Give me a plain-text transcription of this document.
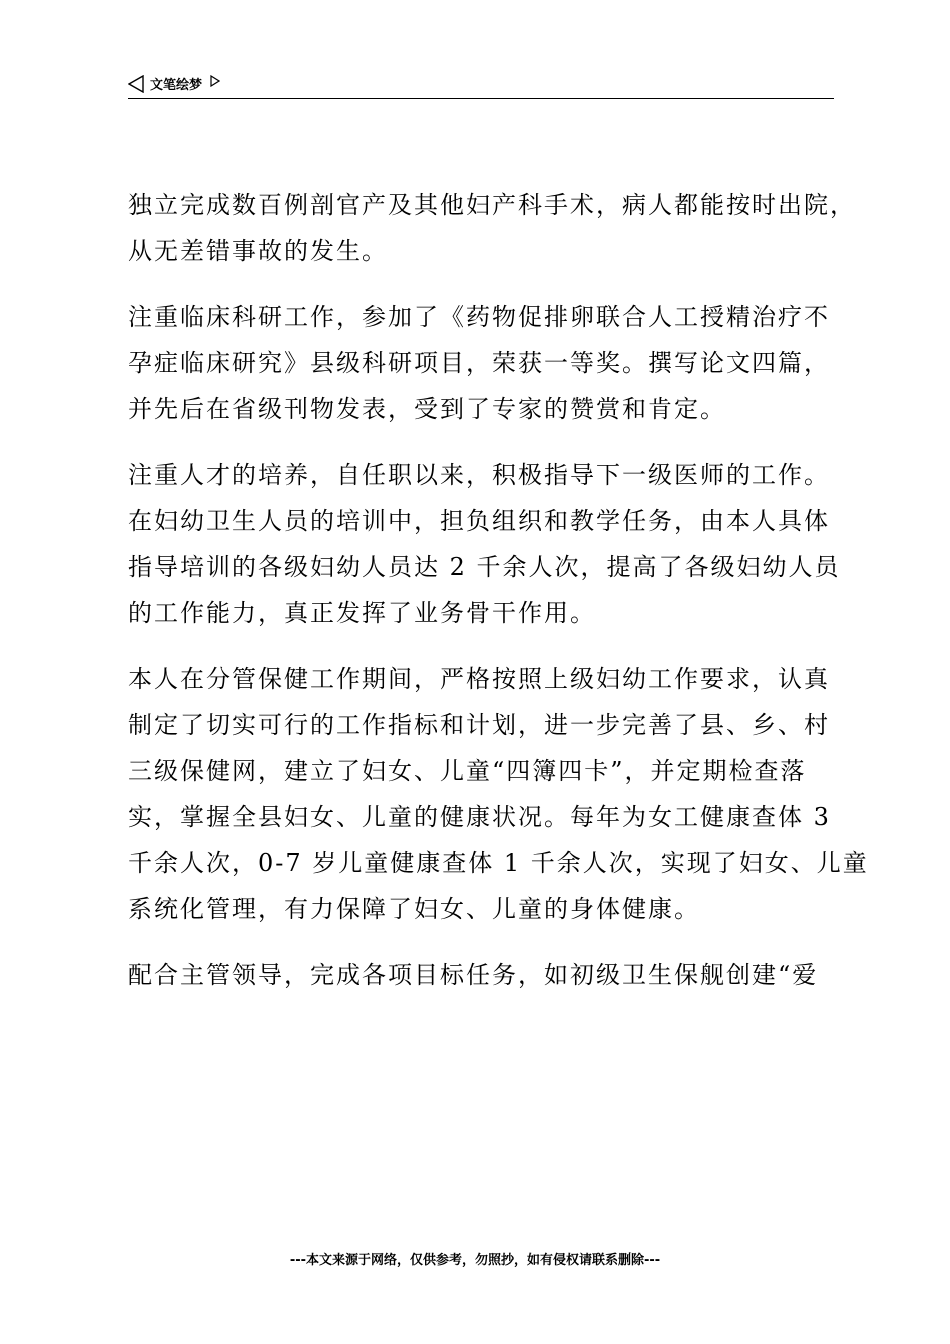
文笔绘梦

独立完成数百例剖官产及其他妇产科手术，病人都能按时出院，
从无差错事故的发生。

注重临床科研工作，参加了《药物促排卵联合人工授精治疗不
孕症临床研究》县级科研项目，荣获一等奖。撰写论文四篇，
并先后在省级刊物发表，受到了专家的赞赏和肯定。

注重人才的培养，自任职以来，积极指导下一级医师的工作。
在妇幼卫生人员的培训中，担负组织和教学任务，由本人具体
指导培训的各级妇幼人员达 2 千余人次，提高了各级妇幼人员
的工作能力，真正发挥了业务骨干作用。

本人在分管保健工作期间，严格按照上级妇幼工作要求，认真
制定了切实可行的工作指标和计划，进一步完善了县、乡、村
三级保健网，建立了妇女、儿童“四簿四卡”，并定期检查落
实，掌握全县妇女、儿童的健康状况。每年为女工健康查体 3
千余人次，0-7 岁儿童健康查体 1 千余人次，实现了妇女、儿童
系统化管理，有力保障了妇女、儿童的身体健康。

配合主管领导，完成各项目标任务，如初级卫生保舰创建“爱

---本文来源于网络，仅供参考，勿照抄，如有侵权请联系删除---
